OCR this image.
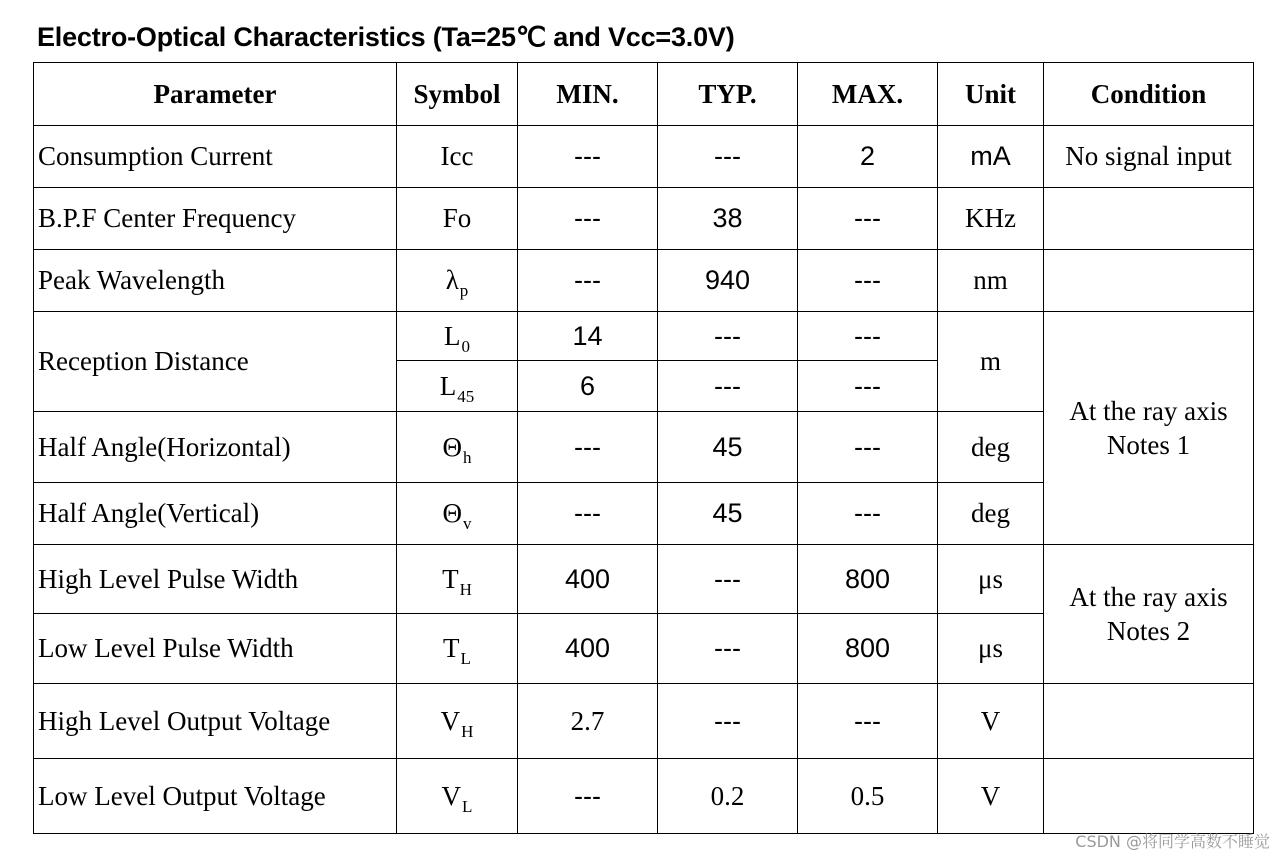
Electro-Optical Characteristics (Ta=25℃ and Vcc=3.0V)
Parameter	Symbol	MIN.	TYP.	MAX.	Unit	Condition
Consumption Current	Icc	---	---	2	mA	No signal input
B.P.F Center Frequency	Fo	---	38	---	KHz	
Peak Wavelength	$\lambda_p$	---	940	---	nm	
Reception Distance	$L_0$	14	---	---	m	At the ray axis
Notes 1

	$L_{45}$	6	---	---		
Half Angle(Horizontal)	$\Theta_h$	---	45	---	deg	
Half Angle(Vertical)	$\Theta_v$	---	45	---	deg	
High Level Pulse Width	$T_H$	400	---	800	μs	At the ray axis
Notes 2

Low Level Pulse Width	$T_L$	400	---	800	μs	
High Level Output Voltage	$V_H$	2.7	---	---	V	
Low Level Output Voltage	$V_L$	---	0.2	0.5	V	
CSDN @将同学高数不睡觉
